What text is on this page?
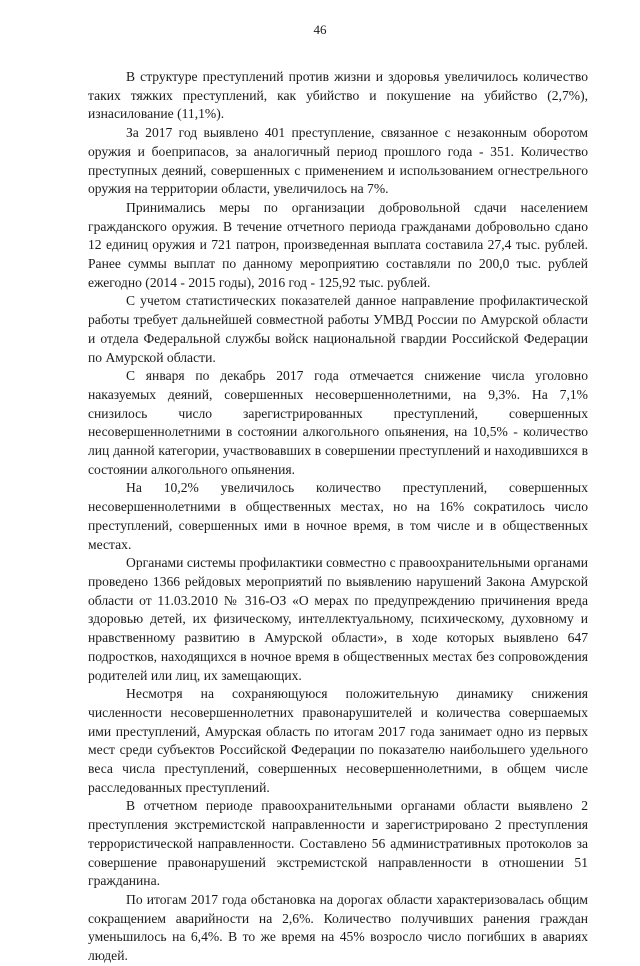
46

В структуре преступлений против жизни и здоровья увеличилось количество таких тяжких преступлений, как убийство и покушение на убийство (2,7%), изнасилование (11,1%).

За 2017 год выявлено 401 преступление, связанное с незаконным оборотом оружия и боеприпасов, за аналогичный период прошлого года - 351. Количество преступных деяний, совершенных с применением и использованием огнестрельного оружия на территории области, увеличилось на 7%.

Принимались меры по организации добровольной сдачи населением гражданского оружия. В течение отчетного периода гражданами добровольно сдано 12 единиц оружия и 721 патрон, произведенная выплата составила 27,4 тыс. рублей. Ранее суммы выплат по данному мероприятию составляли по 200,0 тыс. рублей ежегодно (2014 - 2015 годы), 2016 год - 125,92 тыс. рублей.

С учетом статистических показателей данное направление профилактической работы требует дальнейшей совместной работы УМВД России по Амурской области и отдела Федеральной службы войск национальной гвардии Российской Федерации по Амурской области.

С января по декабрь 2017 года отмечается снижение числа уголовно наказуемых деяний, совершенных несовершеннолетними, на 9,3%. На 7,1% снизилось число зарегистрированных преступлений, совершенных несовершеннолетними в состоянии алкогольного опьянения, на 10,5% - количество лиц данной категории, участвовавших в совершении преступлений и находившихся в состоянии алкогольного опьянения.

На 10,2% увеличилось количество преступлений, совершенных несовершеннолетними в общественных местах, но на 16% сократилось число преступлений, совершенных ими в ночное время, в том числе и в общественных местах.

Органами системы профилактики совместно с правоохранительными органами проведено 1366 рейдовых мероприятий по выявлению нарушений Закона Амурской области от 11.03.2010 № 316-ОЗ «О мерах по предупреждению причинения вреда здоровью детей, их физическому, интеллектуальному, психическому, духовному и нравственному развитию в Амурской области», в ходе которых выявлено 647 подростков, находящихся в ночное время в общественных местах без сопровождения родителей или лиц, их замещающих.

Несмотря на сохраняющуюся положительную динамику снижения численности несовершеннолетних правонарушителей и количества совершаемых ими преступлений, Амурская область по итогам 2017 года занимает одно из первых мест среди субъектов Российской Федерации по показателю наибольшего удельного веса числа преступлений, совершенных несовершеннолетними, в общем числе расследованных преступлений.

В отчетном периоде правоохранительными органами области выявлено 2 преступления экстремистской направленности и зарегистрировано 2 преступления террористической направленности. Составлено 56 административных протоколов за совершение правонарушений экстремистской направленности в отношении 51 гражданина.

По итогам 2017 года обстановка на дорогах области характеризовалась общим сокращением аварийности на 2,6%. Количество получивших ранения граждан уменьшилось на 6,4%. В то же время на 45% возросло число погибших в авариях людей.
